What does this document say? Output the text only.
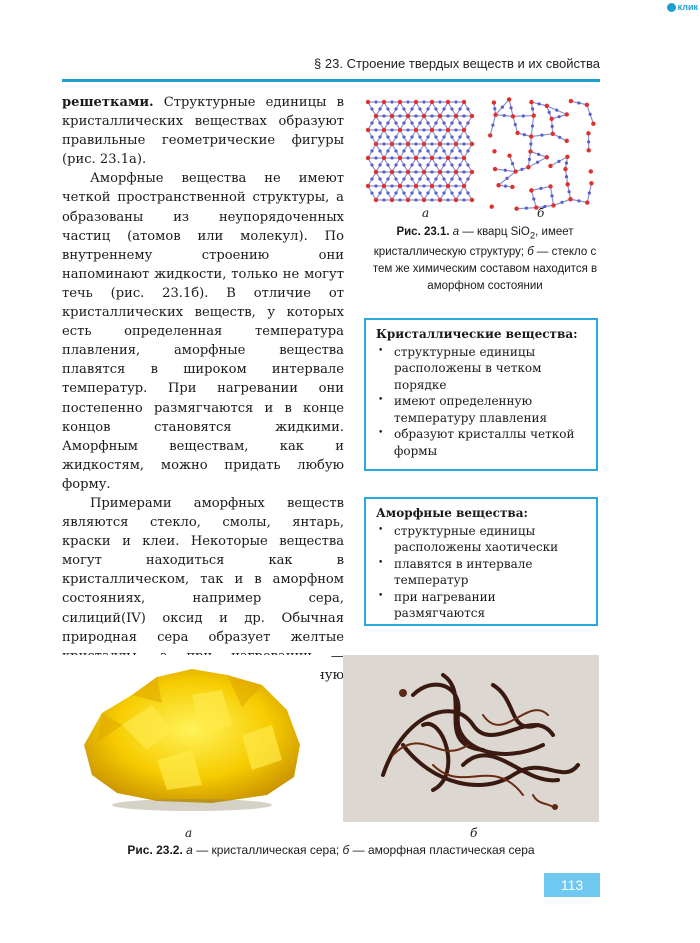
клик
§ 23. Строение твердых веществ и их свойства

решетками. Структурные единицы в кристаллических веществах образуют правильные геометрические фигуры (рис. 23.1а).

Аморфные вещества не имеют четкой пространственной структуры, а образованы из неупорядоченных частиц (атомов или молекул). По внутреннему строению они напоминают жидкости, только не могут течь (рис. 23.1б). В отличие от кристаллических веществ, у которых есть определенная температура плавления, аморфные вещества плавятся в широком интервале температур. При нагревании они постепенно размягчаются и в конце концов становятся жидкими. Аморфным веществам, как и жидкостям, можно придать любую форму.

Примерами аморфных веществ являются стекло, смолы, янтарь, краски и клеи. Некоторые вещества могут находиться как в кристаллическом, так и в аморфном состояниях, например сера, силиций(IV) оксид и др. Обычная природная сера образует желтые —

а	б
Рис. 23.1. а — кварц SiO$_2$, имеет кристаллическую структуру; б — стекло с тем же химическим составом находится в аморфном состоянии
Кристаллические вещества:
• структурные единицы расположены в четком порядке
• имеют определенную температуру плавления
• образуют кристаллы четкой формы
Аморфные вещества:
• структурные единицы расположены хаотически
• плавятся в интервале температур
• при нагревании размягчаются
а	б
Рис. 23.2. а — кристаллическая сера; б — аморфная пластическая сера
113
